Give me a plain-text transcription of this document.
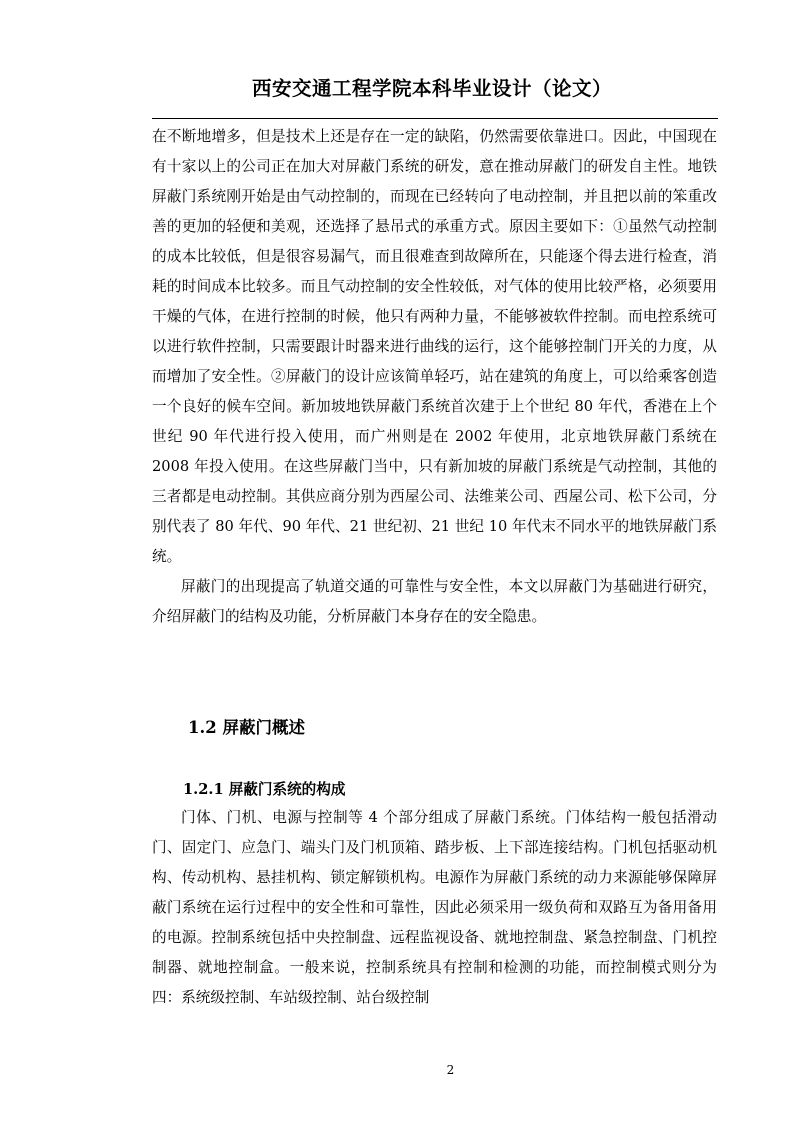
西安交通工程学院本科毕业设计（论文）

在不断地增多，但是技术上还是存在一定的缺陷，仍然需要依靠进口。因此，中国现在有十家以上的公司正在加大对屏蔽门系统的研发，意在推动屏蔽门的研发自主性。地铁屏蔽门系统刚开始是由气动控制的，而现在已经转向了电动控制，并且把以前的笨重改善的更加的轻便和美观，还选择了悬吊式的承重方式。原因主要如下：①虽然气动控制的成本比较低，但是很容易漏气，而且很难查到故障所在，只能逐个得去进行检查，消耗的时间成本比较多。而且气动控制的安全性较低，对气体的使用比较严格，必须要用干燥的气体，在进行控制的时候，他只有两种力量，不能够被软件控制。而电控系统可以进行软件控制，只需要跟计时器来进行曲线的运行，这个能够控制门开关的力度，从而增加了安全性。②屏蔽门的设计应该简单轻巧，站在建筑的角度上，可以给乘客创造一个良好的候车空间。新加坡地铁屏蔽门系统首次建于上个世纪 80 年代，香港在上个世纪 90 年代进行投入使用，而广州则是在 2002 年使用，北京地铁屏蔽门系统在 2008 年投入使用。在这些屏蔽门当中，只有新加坡的屏蔽门系统是气动控制，其他的三者都是电动控制。其供应商分别为西屋公司、法维莱公司、西屋公司、松下公司，分别代表了 80 年代、90 年代、21 世纪初、21 世纪 10 年代末不同水平的地铁屏蔽门系统。

屏蔽门的出现提高了轨道交通的可靠性与安全性，本文以屏蔽门为基础进行研究，介绍屏蔽门的结构及功能，分析屏蔽门本身存在的安全隐患。

1.2 屏蔽门概述
1.2.1 屏蔽门系统的构成

门体、门机、电源与控制等 4 个部分组成了屏蔽门系统。门体结构一般包括滑动门、固定门、应急门、端头门及门机顶箱、踏步板、上下部连接结构。门机包括驱动机构、传动机构、悬挂机构、锁定解锁机构。电源作为屏蔽门系统的动力来源能够保障屏蔽门系统在运行过程中的安全性和可靠性，因此必须采用一级负荷和双路互为备用备用的电源。控制系统包括中央控制盘、远程监视设备、就地控制盘、紧急控制盘、门机控制器、就地控制盒。一般来说，控制系统具有控制和检测的功能，而控制模式则分为四：系统级控制、车站级控制、站台级控制

2
